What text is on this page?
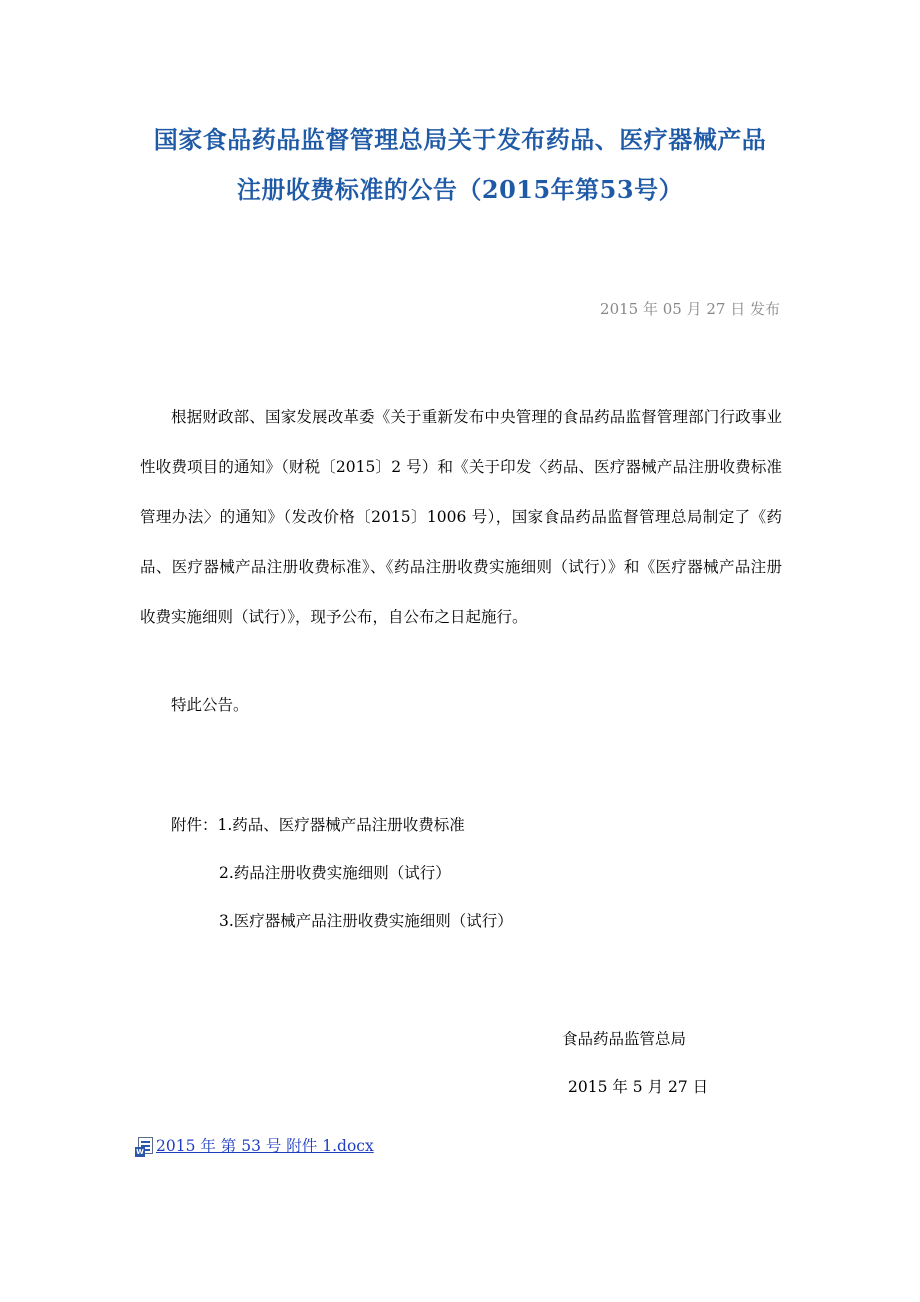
国家食品药品监督管理总局关于发布药品、医疗器械产品
注册收费标准的公告（2015年第53号）
2015 年 05 月 27 日 发布
根据财政部、国家发展改革委《关于重新发布中央管理的食品药品监督管理部门行政事业性收费项目的通知》（财税〔2015〕2 号）和《关于印发〈药品、医疗器械产品注册收费标准管理办法〉的通知》（发改价格〔2015〕1006 号），国家食品药品监督管理总局制定了《药品、医疗器械产品注册收费标准》、《药品注册收费实施细则（试行）》和《医疗器械产品注册收费实施细则（试行）》，现予公布，自公布之日起施行。
特此公告。
附件：1.药品、医疗器械产品注册收费标准
2.药品注册收费实施细则（试行）
3.医疗器械产品注册收费实施细则（试行）
食品药品监管总局
2015 年 5 月 27 日
W2015 年 第 53 号 附件 1.docx
